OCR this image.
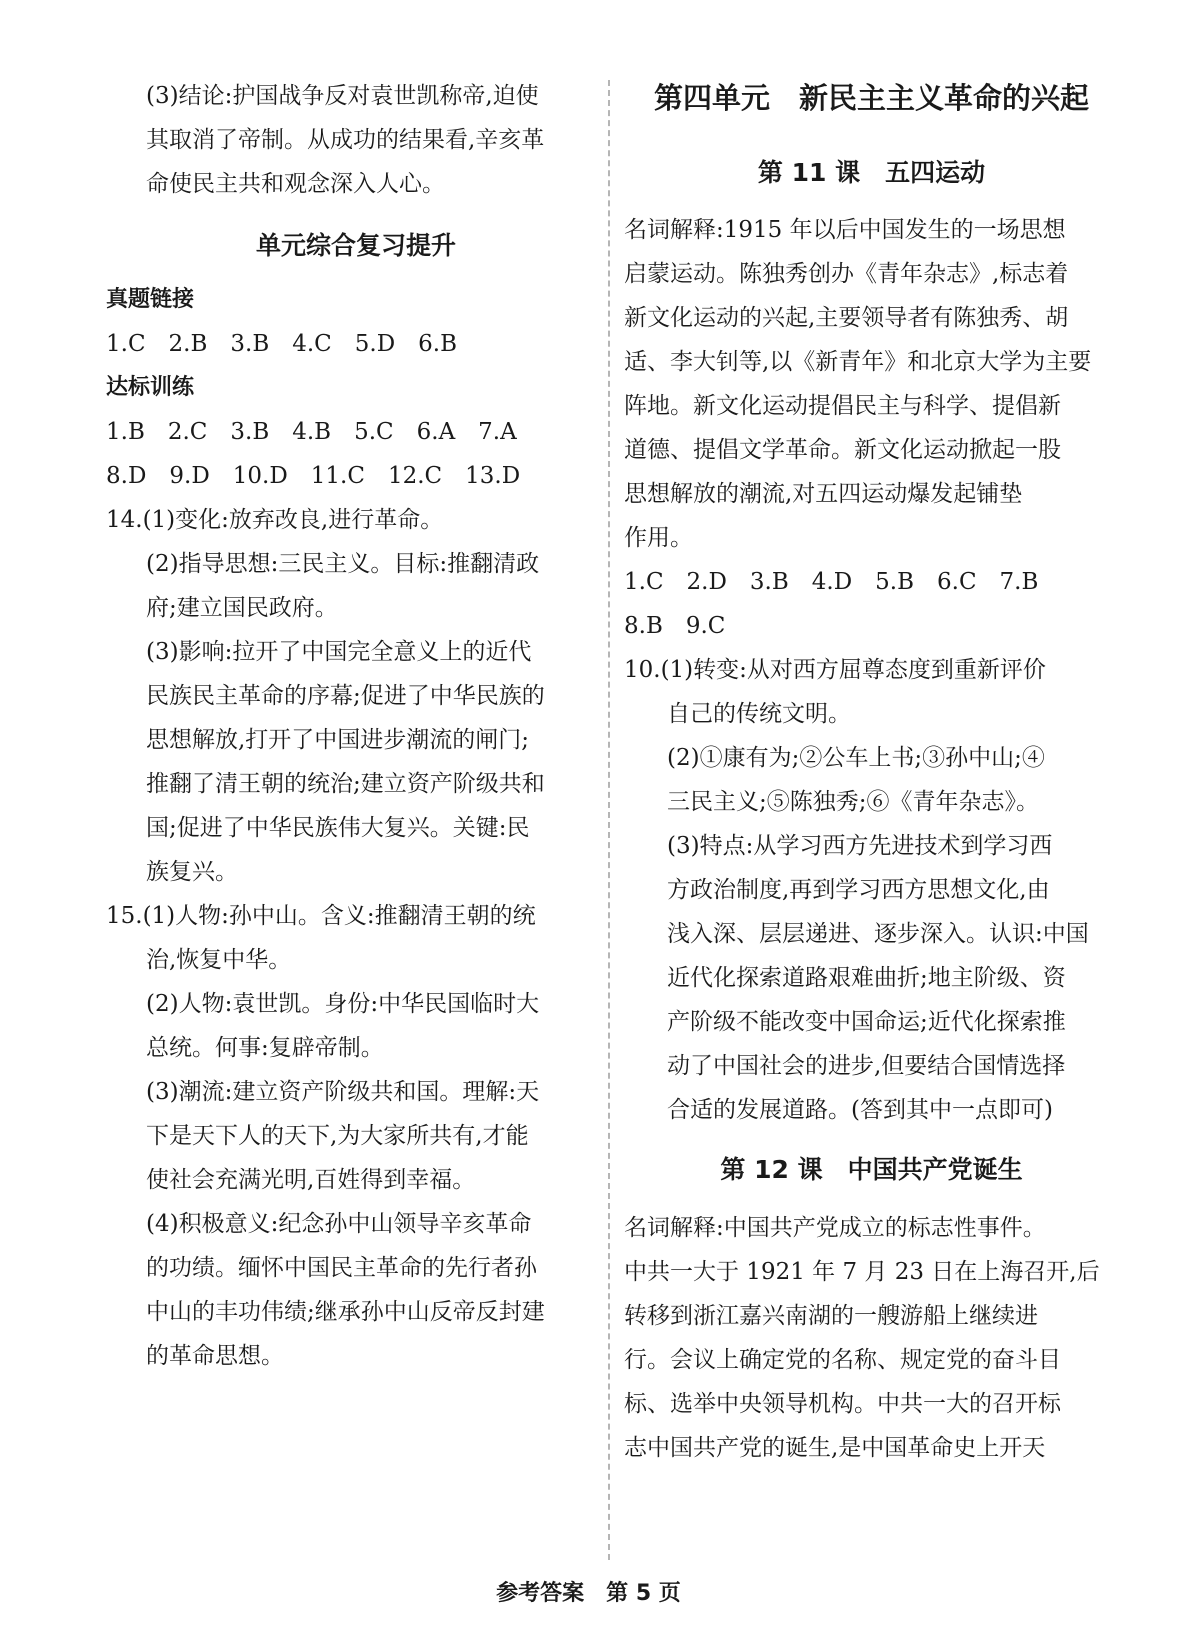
(3)结论:护国战争反对袁世凯称帝,迫使

其取消了帝制。从成功的结果看,辛亥革

命使民主共和观念深入人心。

单元综合复习提升

真题链接

1.C　2.B　3.B　4.C　5.D　6.B

达标训练

1.B　2.C　3.B　4.B　5.C　6.A　7.A

8.D　9.D　10.D　11.C　12.C　13.D

14.(1)变化:放弃改良,进行革命。

(2)指导思想:三民主义。目标:推翻清政

府;建立国民政府。

(3)影响:拉开了中国完全意义上的近代

民族民主革命的序幕;促进了中华民族的

思想解放,打开了中国进步潮流的闸门;

推翻了清王朝的统治;建立资产阶级共和

国;促进了中华民族伟大复兴。关键:民

族复兴。

15.(1)人物:孙中山。含义:推翻清王朝的统

治,恢复中华。

(2)人物:袁世凯。身份:中华民国临时大

总统。何事:复辟帝制。

(3)潮流:建立资产阶级共和国。理解:天

下是天下人的天下,为大家所共有,才能

使社会充满光明,百姓得到幸福。

(4)积极意义:纪念孙中山领导辛亥革命

的功绩。缅怀中国民主革命的先行者孙

中山的丰功伟绩;继承孙中山反帝反封建

的革命思想。

第四单元　新民主主义革命的兴起

第 11 课　五四运动

名词解释:1915 年以后中国发生的一场思想

启蒙运动。陈独秀创办《青年杂志》,标志着

新文化运动的兴起,主要领导者有陈独秀、胡

适、李大钊等,以《新青年》和北京大学为主要

阵地。新文化运动提倡民主与科学、提倡新

道德、提倡文学革命。新文化运动掀起一股

思想解放的潮流,对五四运动爆发起铺垫

作用。

1.C　2.D　3.B　4.D　5.B　6.C　7.B

8.B　9.C

10.(1)转变:从对西方屈尊态度到重新评价

自己的传统文明。

(2)①康有为;②公车上书;③孙中山;④

三民主义;⑤陈独秀;⑥《青年杂志》。

(3)特点:从学习西方先进技术到学习西

方政治制度,再到学习西方思想文化,由

浅入深、层层递进、逐步深入。认识:中国

近代化探索道路艰难曲折;地主阶级、资

产阶级不能改变中国命运;近代化探索推

动了中国社会的进步,但要结合国情选择

合适的发展道路。(答到其中一点即可)

第 12 课　中国共产党诞生

名词解释:中国共产党成立的标志性事件。

中共一大于 1921 年 7 月 23 日在上海召开,后

转移到浙江嘉兴南湖的一艘游船上继续进

行。会议上确定党的名称、规定党的奋斗目

标、选举中央领导机构。中共一大的召开标

志中国共产党的诞生,是中国革命史上开天

参考答案　第 5 页
